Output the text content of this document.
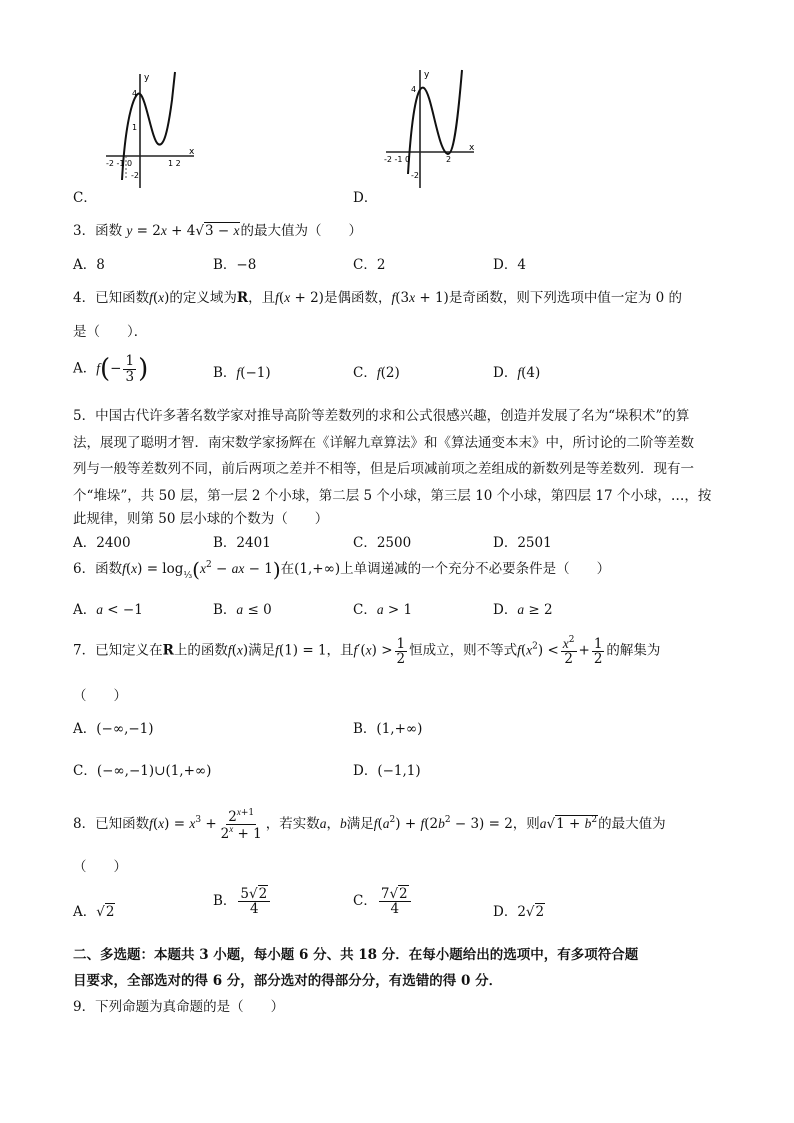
y
x
4
1
-2 -1 0	1 2
-2
C．
y
x
4
-2 -1 0	2
-2
D．
3．函数 y = 2x + 4√3 − x的最大值为（　　）
A．8	B．−8	C．2	D．4
4．已知函数f(x)的定义域为R，且f(x + 2)是偶函数，f(3x + 1)是奇函数，则下列选项中值一定为 0 的
是（　　）．
A．$f(- \frac{1}{3}$ )	B．f(−1)	C．f(2)	D．f(4)
5．中国古代许多著名数学家对推导高阶等差数列的求和公式很感兴趣，创造并发展了名为“垛积术”的算
法，展现了聪明才智．南宋数学家扬辉在《详解九章算法》和《算法通变本末》中，所讨论的二阶等差数
列与一般等差数列不同，前后两项之差并不相等，但是后项减前项之差组成的新数列是等差数列．现有一
个“堆垛”，共 50 层，第一层 2 个小球，第二层 5 个小球，第三层 10 个小球，第四层 17 个小球，…，按
此规律，则第 50 层小球的个数为（　　）
A．2400	B．2401	C．2500	D．2501
6．函数$f(x) = \log_{\frac{1}{3}}(x^2$ − ax − 1)在(1,+∞)上单调递减的一个充分不必要条件是（　　）
A．a < −1	B．a ≤ 0	C．a > 1	D．a ≥ 2
7．已知定义在R上的函数f(x)满足f(1) = 1，且$f'(x) > \frac{1}{2}$ 恒成立，则不等式$f(x^2) < \frac{x^2}{2} + \frac{1}{2}$ 的解集为
（　　）
A．(−∞,−1)	B．(1,+∞)
C．(−∞,−1)∪(1,+∞)	D．(−1,1)
8．已知函数$f(x) = x^3 + \frac{2^{x+1}}{2^x + 1}$ ，若实数a，b满足$f(a^2) + f(2b^2 - 3) = 2$，则$a√1 + b^2$的最大值为
（　　）
A．√2
B． $\frac{5√2}{4}$	C． $\frac{7√2}{4}$	D．2√2
二、多选题：本题共 3 小题，每小题 6 分、共 18 分．在每小题给出的选项中，有多项符合题
目要求，全部选对的得 6 分，部分选对的得部分分，有选错的得 0 分．
9．下列命题为真命题的是（　　）
